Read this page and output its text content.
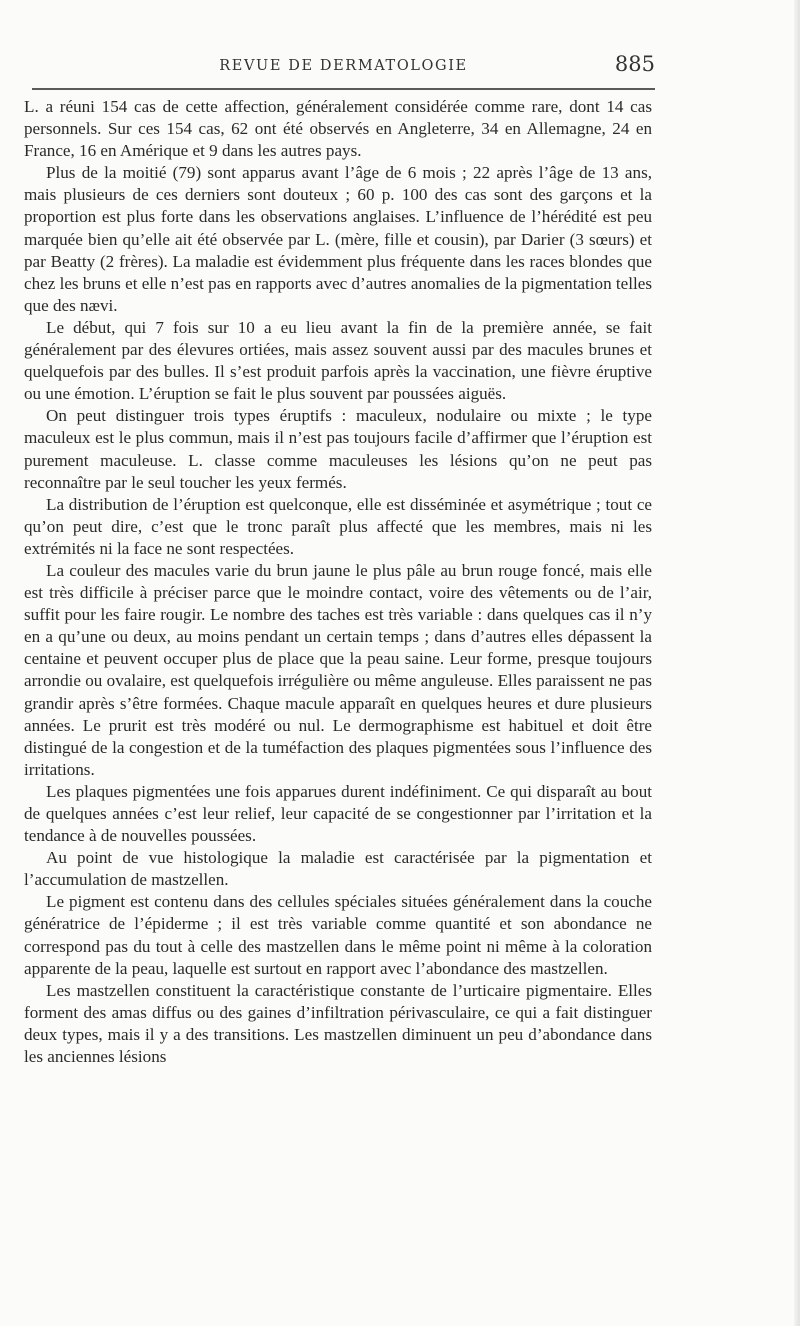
REVUE DE DERMATOLOGIE	885

L. a réuni 154 cas de cette affection, généralement considérée comme rare, dont 14 cas personnels. Sur ces 154 cas, 62 ont été observés en Angleterre, 34 en Allemagne, 24 en France, 16 en Amérique et 9 dans les autres pays.

Plus de la moitié (79) sont apparus avant l’âge de 6 mois ; 22 après l’âge de 13 ans, mais plusieurs de ces derniers sont douteux ; 60 p. 100 des cas sont des garçons et la proportion est plus forte dans les observations anglaises. L’influence de l’hérédité est peu marquée bien qu’elle ait été observée par L. (mère, fille et cousin), par Darier (3 sœurs) et par Beatty (2 frères). La maladie est évidemment plus fréquente dans les races blondes que chez les bruns et elle n’est pas en rapports avec d’autres anomalies de la pigmentation telles que des nævi.

Le début, qui 7 fois sur 10 a eu lieu avant la fin de la première année, se fait généralement par des élevures ortiées, mais assez souvent aussi par des macules brunes et quelquefois par des bulles. Il s’est produit parfois après la vaccination, une fièvre éruptive ou une émotion. L’éruption se fait le plus souvent par poussées aiguës.

On peut distinguer trois types éruptifs : maculeux, nodulaire ou mixte ; le type maculeux est le plus commun, mais il n’est pas toujours facile d’affirmer que l’éruption est purement maculeuse. L. classe comme maculeuses les lésions qu’on ne peut pas reconnaître par le seul toucher les yeux fermés.

La distribution de l’éruption est quelconque, elle est disséminée et asymétrique ; tout ce qu’on peut dire, c’est que le tronc paraît plus affecté que les membres, mais ni les extrémités ni la face ne sont respectées.

La couleur des macules varie du brun jaune le plus pâle au brun rouge foncé, mais elle est très difficile à préciser parce que le moindre contact, voire des vêtements ou de l’air, suffit pour les faire rougir. Le nombre des taches est très variable : dans quelques cas il n’y en a qu’une ou deux, au moins pendant un certain temps ; dans d’autres elles dépassent la centaine et peuvent occuper plus de place que la peau saine. Leur forme, presque toujours arrondie ou ovalaire, est quelquefois irrégulière ou même anguleuse. Elles paraissent ne pas grandir après s’être formées. Chaque macule apparaît en quelques heures et dure plusieurs années. Le prurit est très modéré ou nul. Le dermographisme est habituel et doit être distingué de la congestion et de la tuméfaction des plaques pigmentées sous l’influence des irritations.

Les plaques pigmentées une fois apparues durent indéfiniment. Ce qui disparaît au bout de quelques années c’est leur relief, leur capacité de se congestionner par l’irritation et la tendance à de nouvelles poussées.

Au point de vue histologique la maladie est caractérisée par la pigmentation et l’accumulation de mastzellen.

Le pigment est contenu dans des cellules spéciales situées généralement dans la couche génératrice de l’épiderme ; il est très variable comme quantité et son abondance ne correspond pas du tout à celle des mastzellen dans le même point ni même à la coloration apparente de la peau, laquelle est surtout en rapport avec l’abondance des mastzellen.

Les mastzellen constituent la caractéristique constante de l’urticaire pigmentaire. Elles forment des amas diffus ou des gaines d’infiltration périvasculaire, ce qui a fait distinguer deux types, mais il y a des transitions. Les mastzellen diminuent un peu d’abondance dans les anciennes lésions
